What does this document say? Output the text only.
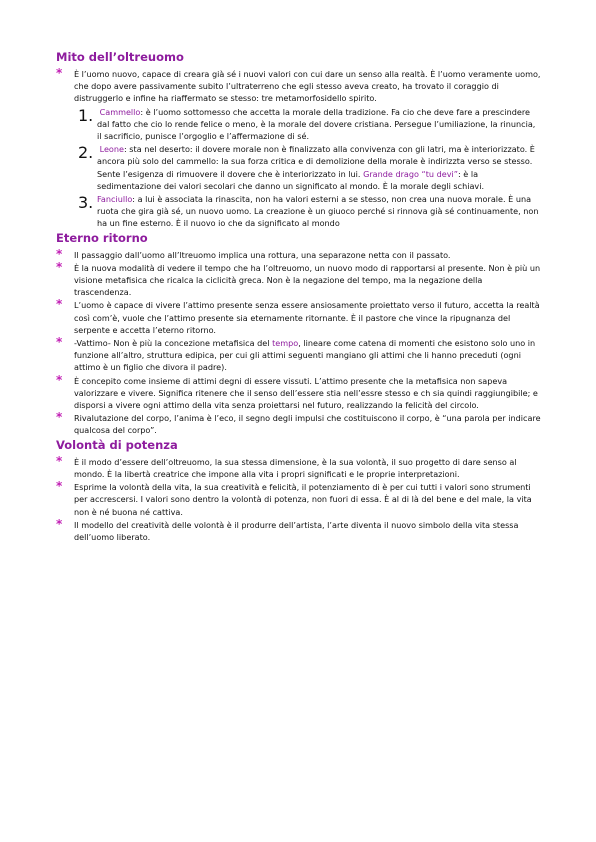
Mito dell’oltreuomo
* È l’uomo nuovo, capace di creara già sé i nuovi valori con cui dare un senso alla realtà. È l’uomo veramente uomo, che dopo avere passivamente subito l’ultraterreno che egli stesso aveva creato, ha trovato il coraggio di distruggerlo e infine ha riaffermato se stesso: tre metamorfosidello spirito.

1. Cammello: è l’uomo sottomesso che accetta la morale della tradizione. Fa cio che deve fare a prescindere dal fatto che cio lo rende felice o meno, è la morale del dovere cristiana. Persegue l’umiliazione, la rinuncia, il sacrificio, punisce l’orgoglio e l’affermazione di sé.

2. Leone: sta nel deserto: il dovere morale non è finalizzato alla convivenza con gli latri, ma è interiorizzato. È ancora più solo del cammello: la sua forza critica e di demolizione della morale è indirizzta verso se stesso. Sente l’esigenza di rimuovere il dovere che è interiorizzato in lui. Grande drago “tu devi”: è la sedimentazione dei valori secolari che danno un significato al mondo. È la morale degli schiavi.

3. Fanciullo: a lui è associata la rinascita, non ha valori esterni a se stesso, non crea una nuova morale. È una ruota che gira già sé, un nuovo uomo. La creazione è un giuoco perché si rinnova già sé continuamente, non ha un fine esterno. È il nuovo io che da significato al mondo

Eterno ritorno
* Il passaggio dall’uomo all’ltreuomo implica una rottura, una separazone netta con il passato.

* È la nuova modalità di vedere il tempo che ha l’oltreuomo, un nuovo modo di rapportarsi al presente. Non è più un visione metafisica che ricalca la ciclicità greca. Non è la negazione del tempo, ma la negazione della trascendenza.

* L’uomo è capace di vivere l’attimo presente senza essere ansiosamente proiettato verso il futuro, accetta la realtà così com’è, vuole che l’attimo presente sia eternamente ritornante. È il pastore che vince la ripugnanza del serpente e accetta l’eterno ritorno.

* -Vattimo- Non è più la concezione metafisica del tempo, lineare come catena di momenti che esistono solo uno in funzione all’altro, struttura edipica, per cui gli attimi seguenti mangiano gli attimi che li hanno preceduti (ogni attimo è un figlio che divora il padre).

* È concepito come insieme di attimi degni di essere vissuti. L’attimo presente che la metafisica non sapeva valorizzare e vivere. Significa ritenere che il senso dell’essere stia nell’essre stesso e ch sia quindi raggiungibile; e disporsi a vivere ogni attimo della vita senza proiettarsi nel futuro, realizzando la felicità del circolo.

* Rivalutazione del corpo, l’anima è l’eco, il segno degli impulsi che costituiscono il corpo, è “una parola per indicare qualcosa del corpo”.

Volontà di potenza
* È il modo d’essere dell’oltreuomo, la sua stessa dimensione, è la sua volontà, il suo progetto di dare senso al mondo. È la libertà creatrice che impone alla vita i propri significati e le proprie interpretazioni.

* Esprime la volontà della vita, la sua creatività e felicità, il potenziamento di è per cui tutti i valori sono strumenti per accrescersi. I valori sono dentro la volontà di potenza, non fuori di essa. È al di là del bene e del male, la vita non è né buona né cattiva.

* Il modello del creatività delle volontà è il produrre dell’artista, l’arte diventa il nuovo simbolo della vita stessa dell’uomo liberato.
